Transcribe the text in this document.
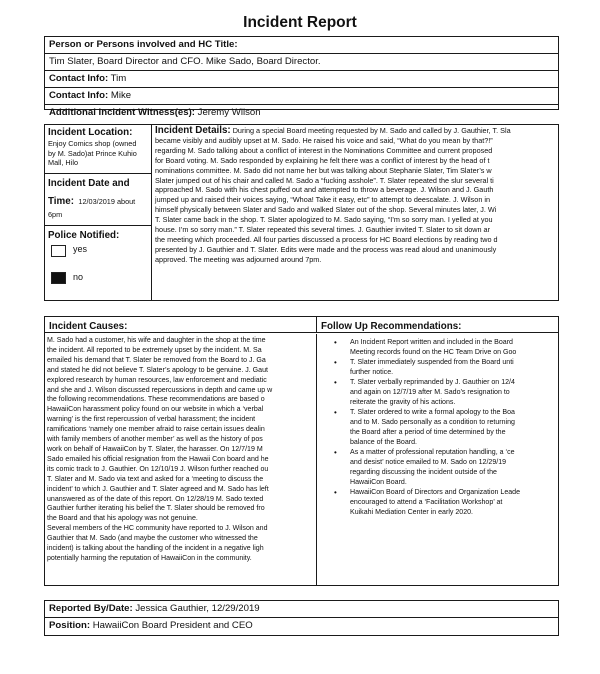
Incident Report
Person or Persons involved and HC Title:
Tim Slater, Board Director and CFO. Mike Sado, Board Director.
Contact Info: Tim
Contact Info: Mike
Additional Incident Witness(es): Jeremy Wilson
Incident Location:
Enjoy Comics shop (owned
by M. Sado)at Prince Kuhio
Mall, Hilo
Incident Date and
Time: 12/03/2019 about
6pm
Police Notified:
yes
no
Incident Details: During a special Board meeting requested by M. Sado and called by J. Gauthier, T. Sla
became visibly and audibly upset at M. Sado. He raised his voice and said, “What do you mean by that?!”
regarding M. Sado talking about a conflict of interest in the Nominations Committee and current proposed
for Board voting. M. Sado responded by explaining he felt there was a conflict of interest by the head of t
nominations committee. M. Sado did not name her but was talking about Stephanie Slater, Tim Slater’s w
Slater jumped out of his chair and called M. Sado a “fucking asshole”. T. Slater repeated the slur several ti
approached M. Sado with his chest puffed out and attempted to throw a beverage. J. Wilson and J. Gauth
jumped up and raised their voices saying, “Whoa! Take it easy, etc” to attempt to deescalate. J. Wilson in
himself physically between Slater and Sado and walked Slater out of the shop. Several minutes later, J. Wi
T. Slater came back in the shop. T. Slater apologized to M. Sado saying, “I’m so sorry man. I yelled at you
house. I’m so sorry man.” T. Slater repeated this several times. J. Gauthier invited T. Slater to sit down ar
the meeting which proceeded. All four parties discussed a process for HC Board elections by reading two d
presented by J. Gauthier and T. Slater. Edits were made and the process was read aloud and unanimously
approved. The meeting was adjourned around 7pm.
Incident Causes:	Follow Up Recommendations:
M. Sado had a customer, his wife and daughter in the shop at the time
the incident. All reported to be extremely upset by the incident. M. Sa
emailed his demand that T. Slater be removed from the Board to J. Ga
and stated he did not believe T. Slater’s apology to be genuine. J. Gaut
explored research by human resources, law enforcement and mediatic
and she and J. Wilson discussed repercussions in depth and came up w
the following recommendations. These recommendations are based o
HawaiiCon harassment policy found on our website in which a ‘verbal
warning’ is the first repercussion of verbal harassment; the incident
ramifications ‘namely one member afraid to raise certain issues dealin
with family members of another member’ as well as the history of pos
work on behalf of HawaiiCon by T. Slater, the harasser. On 12/7/19 M
Sado emailed his official resignation from the Hawaii Con board and he
its comic track to J. Gauthier. On 12/10/19 J. Wilson further reached ou
T. Slater and M. Sado via text and asked for a ‘meeting to discuss the
incident’ to which J. Gauthier and T. Slater agreed and M. Sado has left
unanswered as of the date of this report. On 12/28/19 M. Sado texted
Gauthier further iterating his belief the T. Slater should be removed fro
the Board and that his apology was not genuine.
Several members of the HC community have reported to J. Wilson and
Gauthier that M. Sado (and maybe the customer who witnessed the
incident) is talking about the handling of the incident in a negative ligh
potentially harming the reputation of HawaiiCon in the community.
• An Incident Report written and included in the Board
Meeting records found on the HC Team Drive on Goo
• T. Slater immediately suspended from the Board unti
further notice.
• T. Slater verbally reprimanded by J. Gauthier on 12/4
and again on 12/7/19 after M. Sado’s resignation to
reiterate the gravity of his actions.
• T. Slater ordered to write a formal apology to the Boa
and to M. Sado personally as a condition to returning
the Board after a period of time determined by the
balance of the Board.
• As a matter of professional reputation handling, a ‘ce
and desist’ notice emailed to M. Sado on 12/29/19
regarding discussing the incident outside of the
HawaiiCon Board.
• HawaiiCon Board of Directors and Organization Leade
encouraged to attend a ‘Facilitation Workshop’ at
Kuikahi Mediation Center in early 2020.
Reported By/Date: Jessica Gauthier, 12/29/2019
Position: HawaiiCon Board President and CEO
